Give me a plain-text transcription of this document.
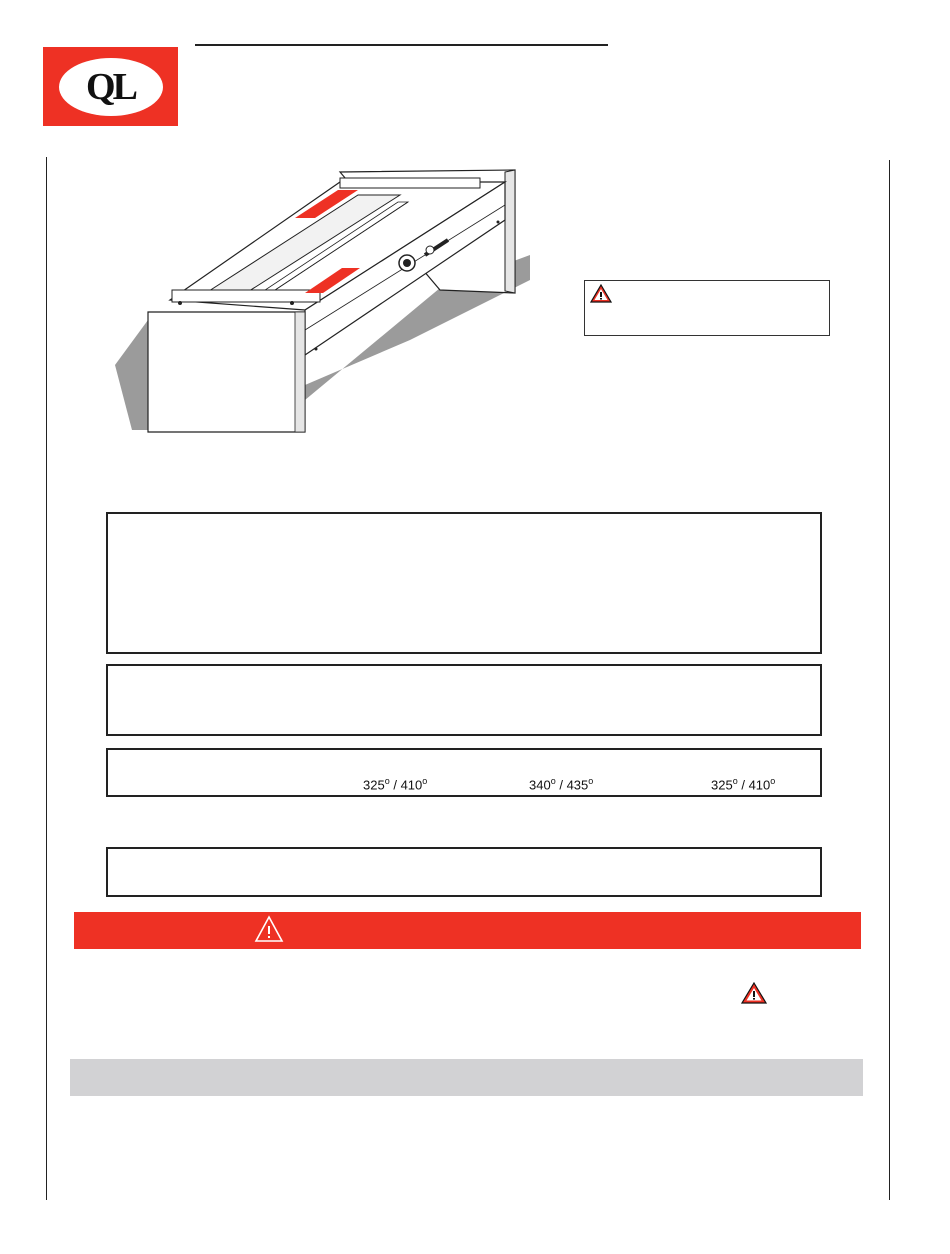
QL
325$^o$ / 410$^o$	340$^o$ / 435$^o$	325$^o$ / 410$^o$
